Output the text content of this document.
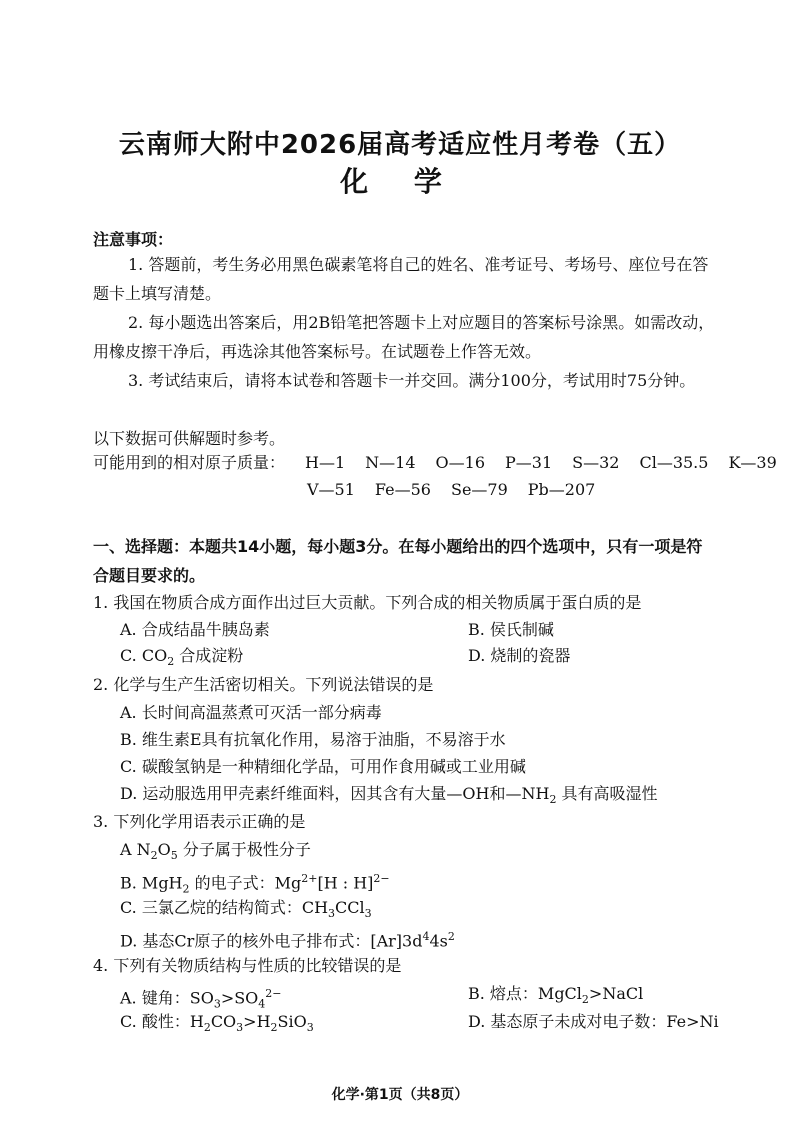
云南师大附中2026届高考适应性月考卷（五）
化 学
注意事项：
1. 答题前，考生务必用黑色碳素笔将自己的姓名、准考证号、考场号、座位号在答
题卡上填写清楚。
2. 每小题选出答案后，用2B铅笔把答题卡上对应题目的答案标号涂黑。如需改动，
用橡皮擦干净后，再选涂其他答案标号。在试题卷上作答无效。
3. 考试结束后，请将本试卷和答题卡一并交回。满分100分，考试用时75分钟。
以下数据可供解题时参考。
可能用到的相对原子质量： H—1 N—14 O—16 P—31 S—32 Cl—35.5 K—39
V—51 Fe—56 Se—79 Pb—207
一、选择题：本题共14小题，每小题3分。在每小题给出的四个选项中，只有一项是符
合题目要求的。
1. 我国在物质合成方面作出过巨大贡献。下列合成的相关物质属于蛋白质的是
A. 合成结晶牛胰岛素	B. 侯氏制碱
C. $CO_2$ 合成淀粉	D. 烧制的瓷器
2. 化学与生产生活密切相关。下列说法错误的是
A. 长时间高温蒸煮可灭活一部分病毒
B. 维生素E具有抗氧化作用，易溶于油脂，不易溶于水
C. 碳酸氢钠是一种精细化学品，可用作食用碱或工业用碱
D. 运动服选用甲壳素纤维面料，因其含有大量—OH和$—NH_2$ 具有高吸湿性
3. 下列化学用语表示正确的是
A $N_2O_5$ 分子属于极性分子
B. MgH$_2$ 的电子式：$Mg^{2+}[H$ : H]$^{2-}$
C. 三氯乙烷的结构简式：$CH_3CCl_3$
D. 基态Cr原子的核外电子排布式：$[Ar]3d^44s^2$
4. 下列有关物质结构与性质的比较错误的是
A. 键角：$SO_3>SO_4^{2-}$	B. 熔点：MgCl$_2$>NaCl
C. 酸性：$H_2CO_3>H_2SiO_3$	D. 基态原子未成对电子数：Fe>Ni
化学·第1页（共8页）
